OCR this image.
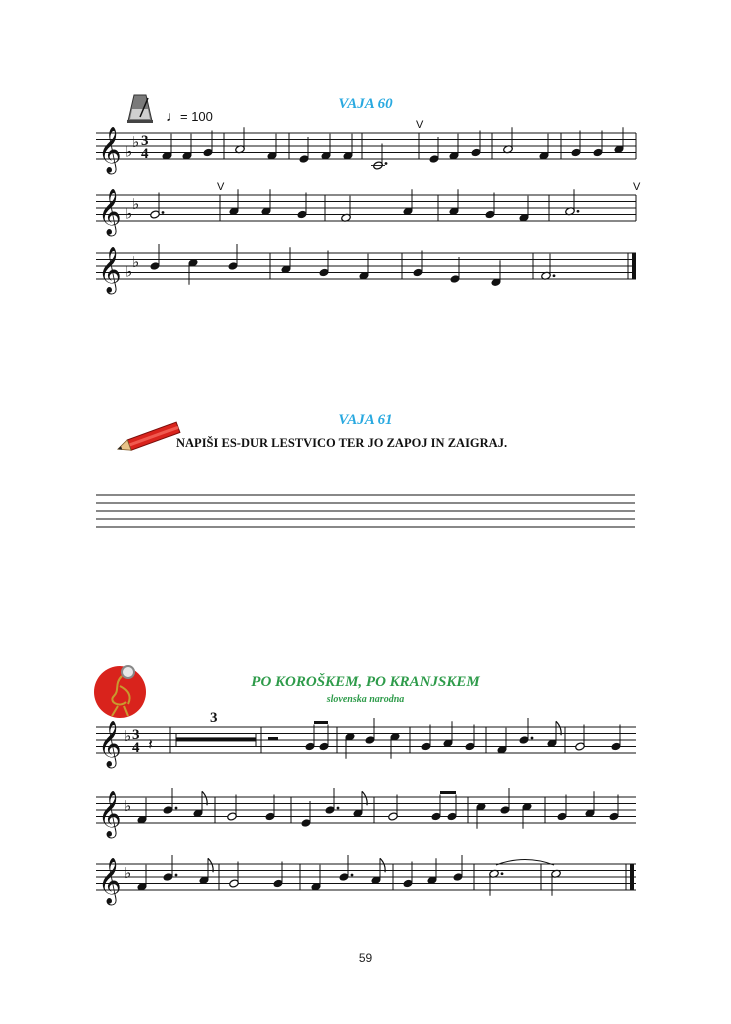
VAJA 60
♩= 100
VAJA 61
NAPIŠI ES-DUR LESTVICO TER JO ZAPOJ IN ZAIGRAJ.
PO KOROŠKEM, PO KRANJSKEM
slovenska narodna
59
𝄞 ♭
♭ 3
4
V
𝄞 ♭
♭
V	V
𝄞 ♭
♭
𝄞 ♭ 3
4 𝄽
3
𝄞 ♭
𝄞 ♭
